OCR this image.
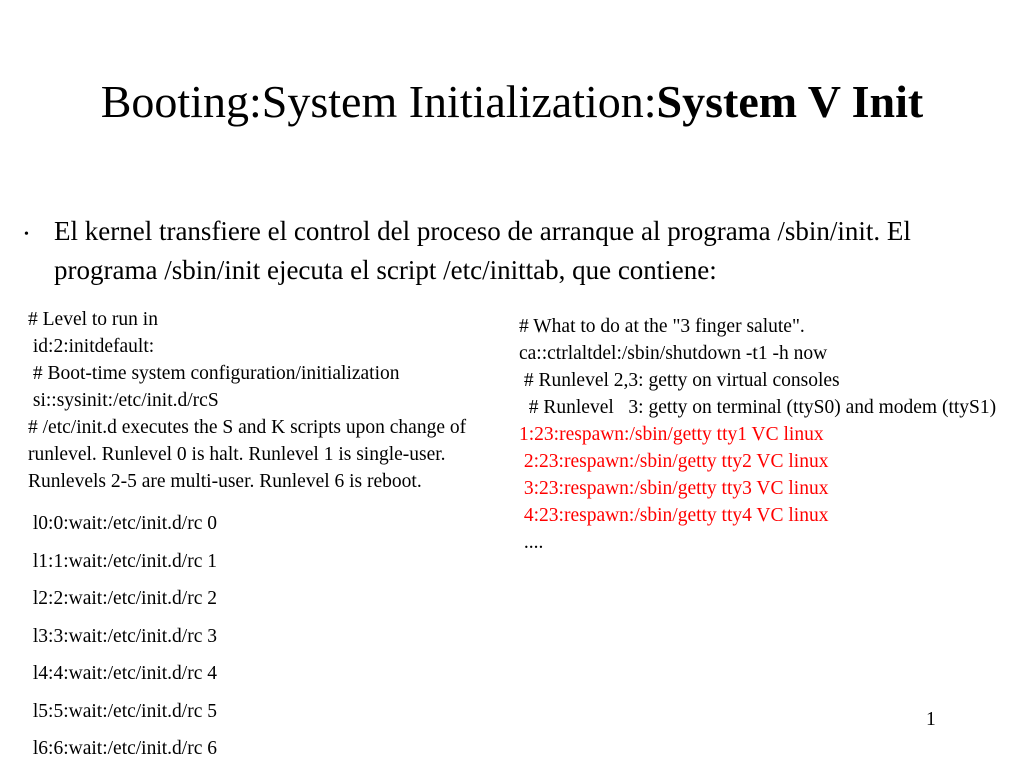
Booting:System Initialization:System V Init
• El kernel transfiere el control del proceso de arranque al programa /sbin/init. El programa /sbin/init ejecuta el script /etc/inittab, que contiene:
# Level to run in
id:2:initdefault:
# Boot-time system configuration/initialization
si::sysinit:/etc/init.d/rcS
# /etc/init.d executes the S and K scripts upon change of runlevel. Runlevel 0 is halt. Runlevel 1 is single-user. Runlevels 2-5 are multi-user. Runlevel 6 is reboot.
l0:0:wait:/etc/init.d/rc 0
l1:1:wait:/etc/init.d/rc 1
l2:2:wait:/etc/init.d/rc 2
l3:3:wait:/etc/init.d/rc 3
l4:4:wait:/etc/init.d/rc 4
l5:5:wait:/etc/init.d/rc 5
l6:6:wait:/etc/init.d/rc 6
# What to do at the "3 finger salute".
ca::ctrlaltdel:/sbin/shutdown -t1 -h now
# Runlevel 2,3: getty on virtual consoles
# Runlevel   3: getty on terminal (ttyS0) and modem (ttyS1)
1:23:respawn:/sbin/getty tty1 VC linux
2:23:respawn:/sbin/getty tty2 VC linux
3:23:respawn:/sbin/getty tty3 VC linux
4:23:respawn:/sbin/getty tty4 VC linux
....
1
